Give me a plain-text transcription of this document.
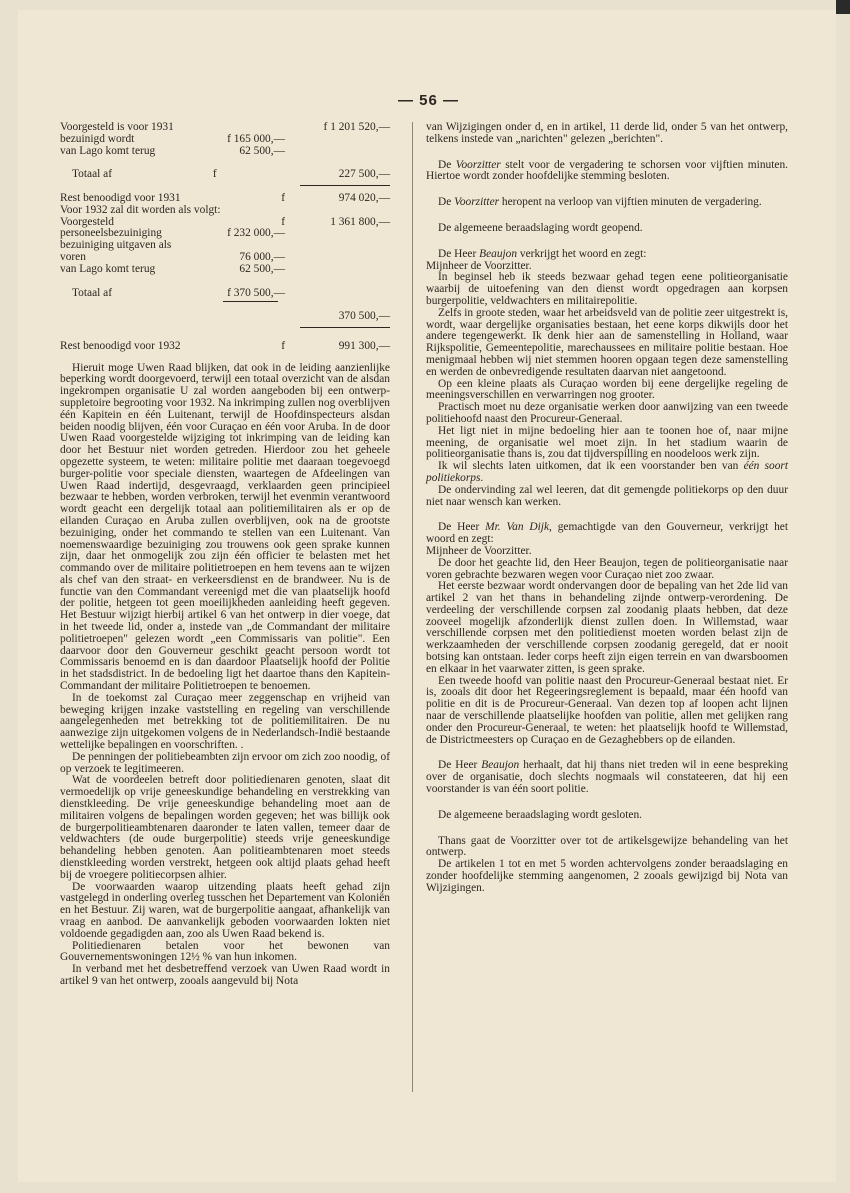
— 56 —
Voorgesteld is voor 1931		f 1 201 520,—
bezuinigd wordt	f 165 000,—	
van Lago komt terug	62 500,—	

Totaal af	f	227 500,—

Rest benoodigd voor 1931	f	974 020,—
Voor 1932 zal dit worden als volgt:		
Voorgesteld	f	1 361 800,—
personeelsbezuiniging	f 232 000,—	
bezuiniging uitgaven als		
voren	76 000,—	
van Lago komt terug	62 500,—	

Totaal af	f 370 500,—	

		370 500,—

Rest benoodigd voor 1932	f	991 300,—

Hieruit moge Uwen Raad blijken, dat ook in de leiding aanzienlijke beperking wordt doorgevoerd, terwijl een totaal overzicht van de alsdan ingekrompen organisatie U zal worden aangeboden bij een ontwerp-suppletoire begrooting voor 1932. Na inkrimping zullen nog overblijven één Kapitein en één Luitenant, terwijl de Hoofdinspecteurs alsdan beiden noodig blijven, één voor Curaçao en één voor Aruba. In de door Uwen Raad voorgestelde wijziging tot inkrimping van de leiding kan door het Bestuur niet worden getreden. Hierdoor zou het geheele opgezette systeem, te weten: militaire politie met daaraan toegevoegd burger-politie voor speciale diensten, waartegen de Afdeelingen van Uwen Raad indertijd, desgevraagd, verklaarden geen principieel bezwaar te hebben, worden verbroken, terwijl het evenmin verantwoord wordt geacht een dergelijk totaal aan politiemilitairen als er op de eilanden Curaçao en Aruba zullen overblijven, ook na de grootste bezuiniging, onder het commando te stellen van een Luitenant. Van noemenswaardige bezuiniging zou trouwens ook geen sprake kunnen zijn, daar het onmogelijk zou zijn één officier te belasten met het commando over de militaire politietroepen en hem tevens aan te wijzen als chef van den straat- en verkeersdienst en de brandweer. Nu is de functie van den Commandant vereenigd met die van plaatselijk hoofd der politie, hetgeen tot geen moeilijkheden aanleiding heeft gegeven. Het Bestuur wijzigt hierbij artikel 6 van het ontwerp in dier voege, dat in het tweede lid, onder a, instede van „de Commandant der militaire politietroepen" gelezen wordt „een Commissaris van politie". Een daarvoor door den Gouverneur geschikt geacht persoon wordt tot Commissaris benoemd en is dan daardoor Plaatselijk hoofd der Politie in het stadsdistrict. In de bedoeling ligt het daartoe thans den Kapitein-Commandant der militaire Politietroepen te benoemen.

In de toekomst zal Curaçao meer zeggenschap en vrijheid van beweging krijgen inzake vaststelling en regeling van verschillende aangelegenheden met betrekking tot de politiemilitairen. De nu aanwezige zijn uitgekomen volgens de in Nederlandsch-Indië bestaande wettelijke bepalingen en voorschriften. .

De penningen der politiebeambten zijn ervoor om zich zoo noodig, of op verzoek te legitimeeren.

Wat de voordeelen betreft door politiedienaren genoten, slaat dit vermoedelijk op vrije geneeskundige behandeling en verstrekking van dienstkleeding. De vrije geneeskundige behandeling moet aan de militairen volgens de bepalingen worden gegeven; het was billijk ook de burgerpolitieambtenaren daaronder te laten vallen, temeer daar de veldwachters (de oude burgerpolitie) steeds vrije geneeskundige behandeling hebben genoten. Aan politieambtenaren moet steeds dienstkleeding worden verstrekt, hetgeen ook altijd plaats gehad heeft bij de vroegere politiecorpsen alhier.

De voorwaarden waarop uitzending plaats heeft gehad zijn vastgelegd in onderling overleg tusschen het Departement van Koloniën en het Bestuur. Zij waren, wat de burgerpolitie aangaat, afhankelijk van vraag en aanbod. De aanvankelijk geboden voorwaarden lokten niet voldoende gegadigden aan, zoo als Uwen Raad bekend is.

Politiedienaren betalen voor het bewonen van Gouvernementswoningen 12½ % van hun inkomen.

In verband met het desbetreffend verzoek van Uwen Raad wordt in artikel 9 van het ontwerp, zooals aangevuld bij Nota

van Wijzigingen onder d, en in artikel, 11 derde lid, onder 5 van het ontwerp, telkens instede van „narichten" gelezen „berichten".

De Voorzitter stelt voor de vergadering te schorsen voor vijftien minuten. Hiertoe wordt zonder hoofdelijke stemming besloten.

De Voorzitter heropent na verloop van vijftien minuten de vergadering.

De algemeene beraadslaging wordt geopend.

De Heer Beaujon verkrijgt het woord en zegt:

Mijnheer de Voorzitter.

In beginsel heb ik steeds bezwaar gehad tegen eene politieorganisatie waarbij de uitoefening van den dienst wordt opgedragen aan korpsen burgerpolitie, veldwachters en militairepolitie.

Zelfs in groote steden, waar het arbeidsveld van de politie zeer uitgestrekt is, wordt, waar dergelijke organisaties bestaan, het eene korps dikwijls door het andere tegengewerkt. Ik denk hier aan de samenstelling in Holland, waar Rijkspolitie, Gemeentepolitie, marechaussees en militaire politie bestaan. Hoe menigmaal hebben wij niet stemmen hooren opgaan tegen deze samenstelling en werden de onbevredigende resultaten daarvan niet aangetoond.

Op een kleine plaats als Curaçao worden bij eene dergelijke regeling de meeningsverschillen en verwarringen nog grooter.

Practisch moet nu deze organisatie werken door aanwijzing van een tweede politiehoofd naast den Procureur-Generaal.

Het ligt niet in mijne bedoeling hier aan te toonen hoe of, naar mijne meening, de organisatie wel moet zijn. In het stadium waarin de politieorganisatie thans is, zou dat tijdverspilling en noodeloos werk zijn.

Ik wil slechts laten uitkomen, dat ik een voorstander ben van één soort politiekorps.

De ondervinding zal wel leeren, dat dit gemengde politiekorps op den duur niet naar wensch kan werken.

De Heer Mr. Van Dijk, gemachtigde van den Gouverneur, verkrijgt het woord en zegt:

Mijnheer de Voorzitter.

De door het geachte lid, den Heer Beaujon, tegen de politieorganisatie naar voren gebrachte bezwaren wegen voor Curaçao niet zoo zwaar.

Het eerste bezwaar wordt ondervangen door de bepaling van het 2de lid van artikel 2 van het thans in behandeling zijnde ontwerp-verordening. De verdeeling der verschillende corpsen zal zoodanig plaats hebben, dat deze zooveel mogelijk afzonderlijk dienst zullen doen. In Willemstad, waar verschillende corpsen met den politiedienst moeten worden belast zijn de werkzaamheden der verschillende corpsen zoodanig geregeld, dat er nooit botsing kan ontstaan. Ieder corps heeft zijn eigen terrein en van dwarsboomen en elkaar in het vaarwater zitten, is geen sprake.

Een tweede hoofd van politie naast den Procureur-Generaal bestaat niet. Er is, zooals dit door het Regeeringsreglement is bepaald, maar één hoofd van politie en dit is de Procureur-Generaal. Van dezen top af loopen acht lijnen naar de verschillende plaatselijke hoofden van politie, allen met gelijken rang onder den Procureur-Generaal, te weten: het plaatselijk hoofd te Willemstad, de Districtmeesters op Curaçao en de Gezaghebbers op de eilanden.

De Heer Beaujon herhaalt, dat hij thans niet treden wil in eene bespreking over de organisatie, doch slechts nogmaals wil constateeren, dat hij een voorstander is van één soort politie.

De algemeene beraadslaging wordt gesloten.

Thans gaat de Voorzitter over tot de artikelsgewijze behandeling van het ontwerp.

De artikelen 1 tot en met 5 worden achtervolgens zonder beraadslaging en zonder hoofdelijke stemming aangenomen, 2 zooals gewijzigd bij Nota van Wijzigingen.
